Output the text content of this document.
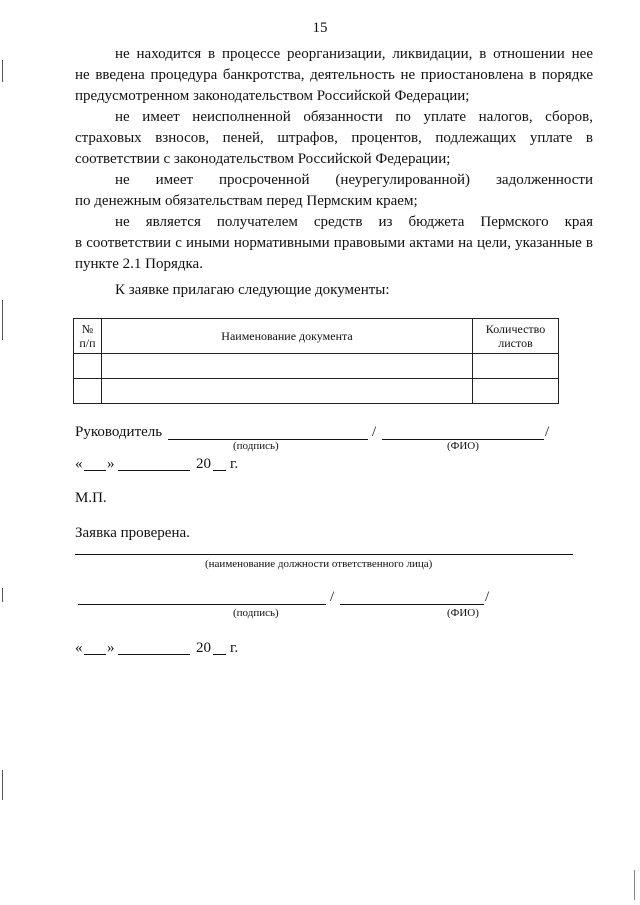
15

не находится в процессе реорганизации, ликвидации, в отношении нее

не введена процедура банкротства, деятельность не приостановлена в порядке предусмотренном законодательством Российской Федерации;

не имеет неисполненной обязанности по уплате налогов, сборов,

страховых взносов, пеней, штрафов, процентов, подлежащих уплате в соответствии с законодательством Российской Федерации;

не имеет просроченной (неурегулированной) задолженности

по денежным обязательствам перед Пермским краем;

не является получателем средств из бюджета Пермского края

в соответствии с иными нормативными правовыми актами на цели, указанные в пункте 2.1 Порядка.

К заявке прилагаю следующие документы:
№ п/п	Наименование документа	Количество листов

Руководитель	/	/
(подпись)	(ФИО)
« »	20 г.
М.П.
Заявка проверена.
(наименование должности ответственного лица)
/	/
(подпись)	(ФИО)
« »	20 г.
